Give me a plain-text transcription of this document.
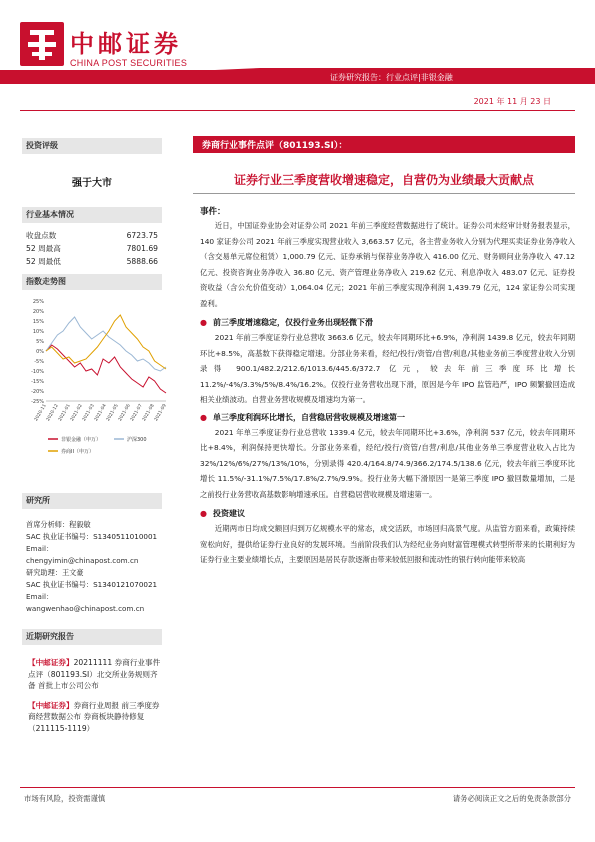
中邮证券
CHINA POST SECURITIES
证券研究报告：行业点评|非银金融
2021 年 11 月 23 日
投资评级
强于大市
行业基本情况
收盘点数	6723.75
52 周最高	7801.69
52 周最低	5888.66
指数走势图
25%
20%
15%
10%
5%
0%
-5%
-10%
-15%
-20%
-25%
2020-11
2020-12
2021-01
2021-02
2021-03
2021-04
2021-05
2021-06
2021-07
2021-08
2021-09
非银金融（申万）	沪深300
券商II（申万）
研究所
首席分析师：程毅敏
SAC 执业证书编号：S1340511010001
Email：chengyimin@chinapost.com.cn
研究助理：王文豪
SAC 执业证书编号：S1340121070021
Email：wangwenhao@chinapost.com.cn
近期研究报告
【中邮证券】20211111 券商行业事件点评（801193.SI）北交所业务规则齐备 首批上市公司公布
【中邮证券】券商行业周报 前三季度券商经营数据公布 券商板块静待修复（211115-1119）
券商行业事件点评（801193.SI）：
证券行业三季度营收增速稳定，自营仍为业绩最大贡献点
事件：
近日，中国证券业协会对证券公司 2021 年前三季度经营数据进行了统计。证券公司未经审计财务报表显示，140 家证券公司 2021 年前三季度实现营业收入 3,663.57 亿元，各主营业务收入分别为代理买卖证券业务净收入（含交易单元席位租赁）1,000.79 亿元、证券承销与保荐业务净收入 416.00 亿元、财务顾问业务净收入 47.12 亿元、投资咨询业务净收入 36.80 亿元、资产管理业务净收入 219.62 亿元、利息净收入 483.07 亿元、证券投资收益（含公允价值变动）1,064.04 亿元；2021 年前三季度实现净利润 1,439.79 亿元，124 家证券公司实现盈利。
● 前三季度增速稳定，仅投行业务出现轻微下滑
2021 年前三季度证券行业总营收 3663.6 亿元，较去年同期环比+6.9%，净利润 1439.8 亿元，较去年同期环比+8.5%，高基数下获得稳定增速。分部业务来看，经纪/投行/资管/自营/利息/其他业务前三季度营业收入分别录得 900.1/482.2/212.6/1013.6/445.6/372.7 亿元，较去年前三季度环比增长 11.2%/-4%/3.3%/5%/8.4%/16.2%。仅投行业务营收出现下滑，原因是今年 IPO 监管趋严，IPO 频繁撤回造成相关业绩波动。自营业务营收规模及增速均为第一。
● 单三季度利润环比增长，自营稳居营收规模及增速第一
2021 年单三季度证券行业总营收 1339.4 亿元，较去年同期环比+3.6%，净利润 537 亿元，较去年同期环比+8.4%，利润保持更快增长。分部业务来看，经纪/投行/资管/自营/利息/其他业务单三季度营业收入占比为 32%/12%/6%/27%/13%/10%，分别录得 420.4/164.8/74.9/366.2/174.5/138.6 亿元，较去年前三季度环比增长 11.5%/-31.1%/7.5%/17.8%/2.7%/9.9%。投行业务大幅下滑原因一是第三季度 IPO 撤回数量增加，二是之前投行业务营收高基数影响增速承压。自营稳居营收规模及增速第一。
● 投资建议
近期两市日均成交额回归到万亿规模水平的常态，成交活跃，市场回归高景气度。从监管方面来看，政策持续宽松向好，提供给证券行业良好的发展环境。当前阶段我们认为经纪业务向财富管理模式转型所带来的长期利好为证券行业主要业绩增长点，主要原因是居民存款逐渐由带来较低回报和流动性的银行转向能带来较高
市场有风险，投资需谨慎	请务必阅读正文之后的免责条款部分
